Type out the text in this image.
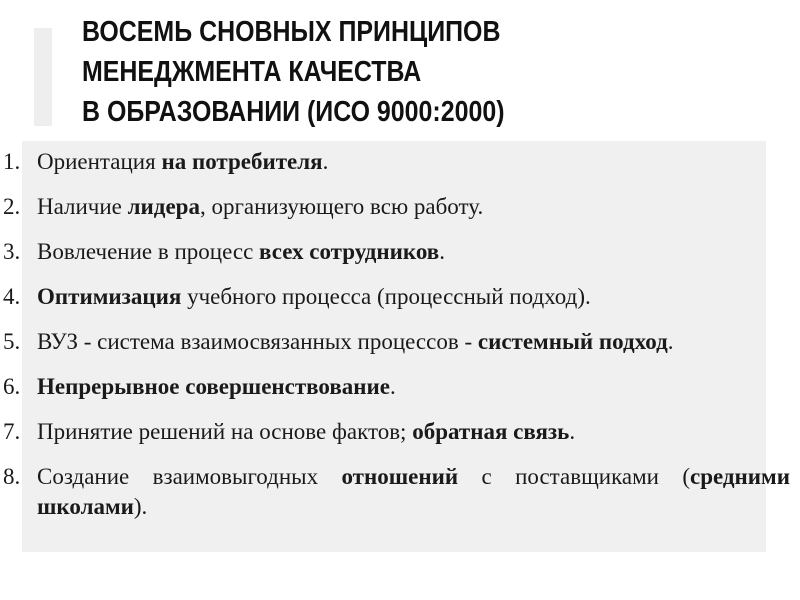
ВОСЕМЬ СНОВНЫХ ПРИНЦИПОВ
МЕНЕДЖМЕНТА КАЧЕСТВА
В ОБРАЗОВАНИИ (ИСО 9000:2000)
1. Ориентация на потребителя.
2. Наличие лидера, организующего всю работу.
3. Вовлечение в процесс всех сотрудников.
4. Оптимизация учебного процесса (процессный подход).
5. ВУЗ - система взаимосвязанных процессов - системный подход.
6. Непрерывное совершенствование.
7. Принятие решений на основе фактов; обратная связь.
8. Создание взаимовыгодных отношений с поставщиками (средними школами).
